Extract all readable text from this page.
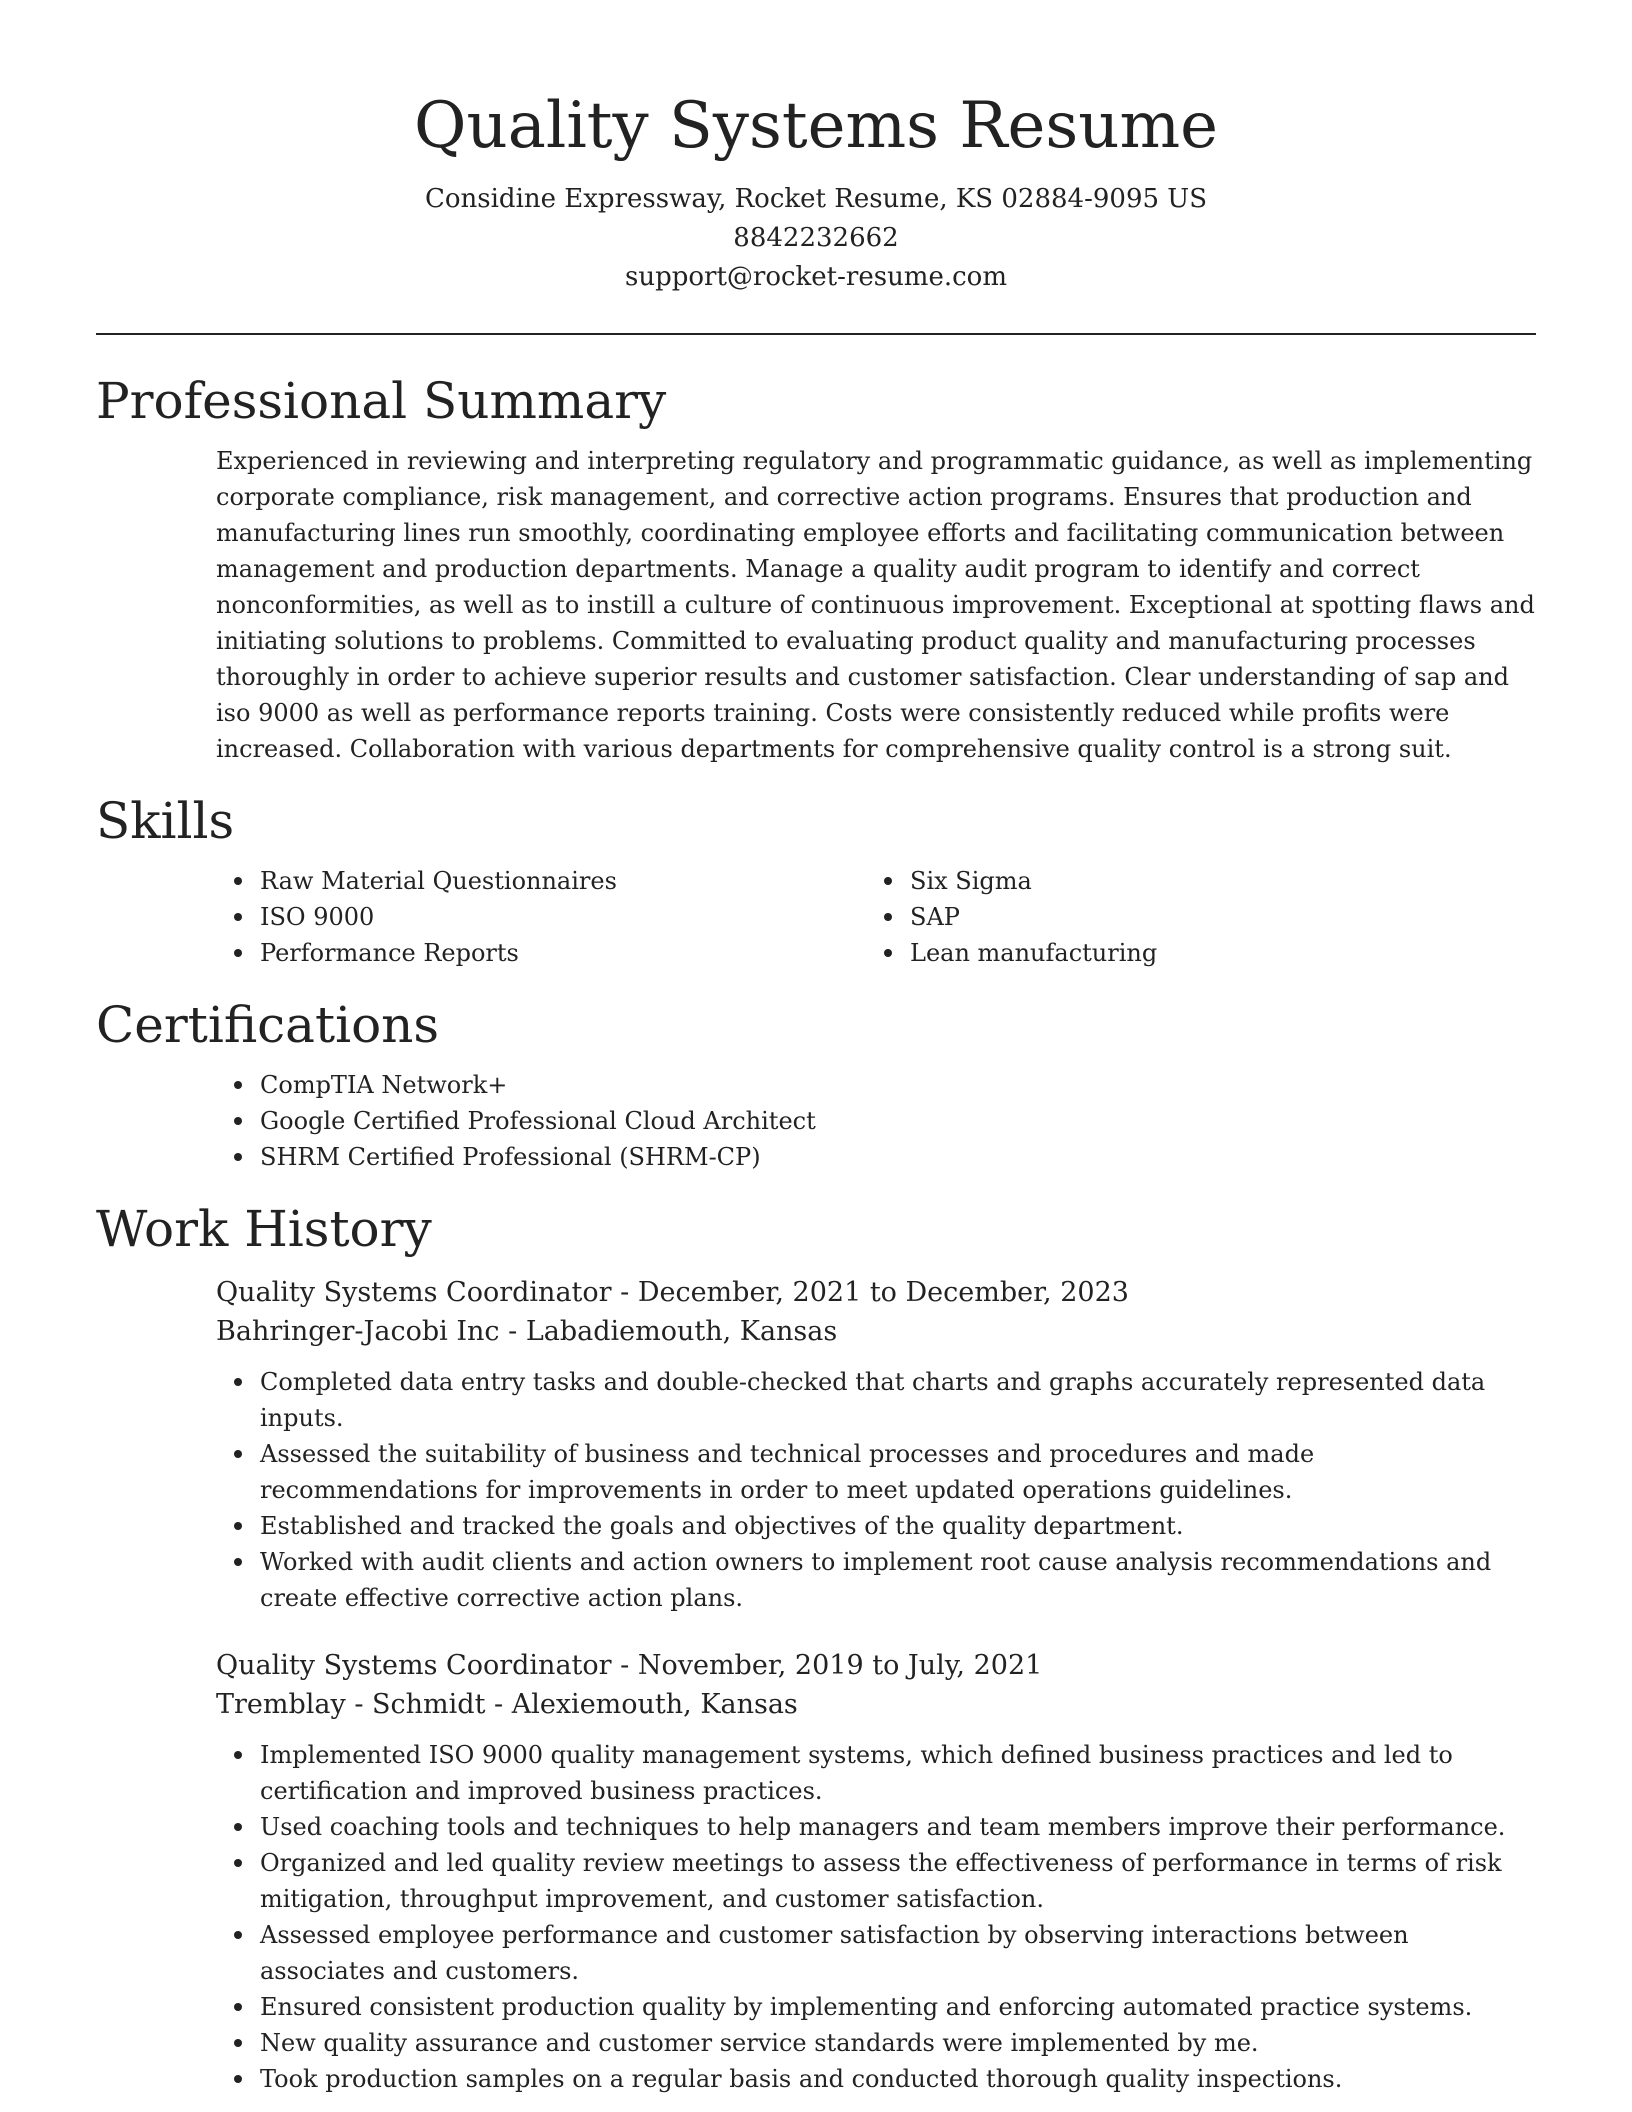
Quality Systems Resume
Considine Expressway, Rocket Resume, KS 02884-9095 US
8842232662
support@rocket-resume.com
Professional Summary

Experienced in reviewing and interpreting regulatory and programmatic guidance, as well as implementing corporate compliance, risk management, and corrective action programs. Ensures that production and manufacturing lines run smoothly, coordinating employee efforts and facilitating communication between management and production departments. Manage a quality audit program to identify and correct nonconformities, as well as to instill a culture of continuous improvement. Exceptional at spotting flaws and initiating solutions to problems. Committed to evaluating product quality and manufacturing processes thoroughly in order to achieve superior results and customer satisfaction. Clear understanding of sap and iso 9000 as well as performance reports training. Costs were consistently reduced while profits were increased. Collaboration with various departments for comprehensive quality control is a strong suit.

Skills
Raw Material Questionnaires
ISO 9000
Performance Reports
Six Sigma
SAP
Lean manufacturing
Certifications
CompTIA Network+
Google Certified Professional Cloud Architect
SHRM Certified Professional (SHRM-CP)
Work History
Quality Systems Coordinator - December, 2021 to December, 2023
Bahringer-Jacobi Inc - Labadiemouth, Kansas
Completed data entry tasks and double-checked that charts and graphs accurately represented data inputs.
Assessed the suitability of business and technical processes and procedures and made recommendations for improvements in order to meet updated operations guidelines.
Established and tracked the goals and objectives of the quality department.
Worked with audit clients and action owners to implement root cause analysis recommendations and create effective corrective action plans.
Quality Systems Coordinator - November, 2019 to July, 2021
Tremblay - Schmidt - Alexiemouth, Kansas
Implemented ISO 9000 quality management systems, which defined business practices and led to certification and improved business practices.
Used coaching tools and techniques to help managers and team members improve their performance.
Organized and led quality review meetings to assess the effectiveness of performance in terms of risk mitigation, throughput improvement, and customer satisfaction.
Assessed employee performance and customer satisfaction by observing interactions between associates and customers.
Ensured consistent production quality by implementing and enforcing automated practice systems.
New quality assurance and customer service standards were implemented by me.
Took production samples on a regular basis and conducted thorough quality inspections.
